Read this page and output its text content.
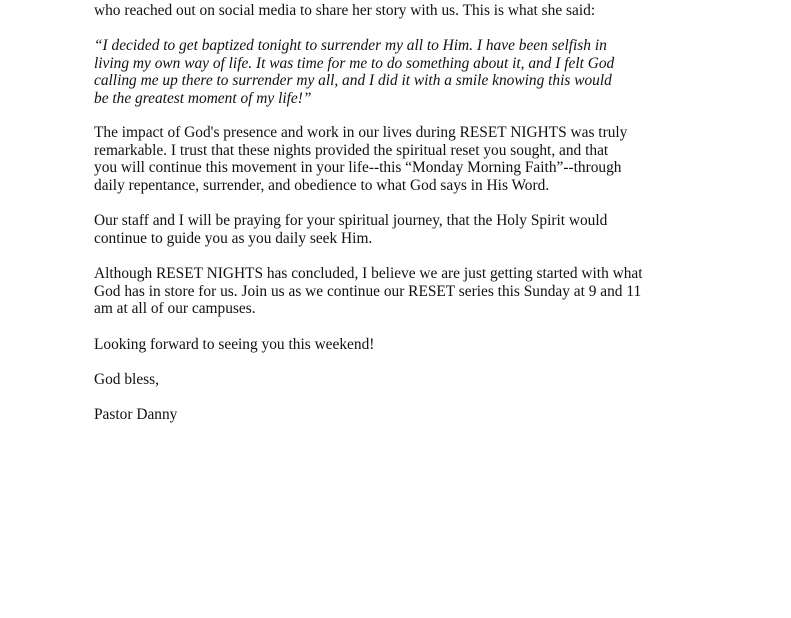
who reached out on social media to share her story with us. This is what she said:
“I decided to get baptized tonight to surrender my all to Him. I have been selfish in
living my own way of life. It was time for me to do something about it, and I felt God
calling me up there to surrender my all, and I did it with a smile knowing this would
be the greatest moment of my life!”
The impact of God's presence and work in our lives during RESET NIGHTS was truly
remarkable. I trust that these nights provided the spiritual reset you sought, and that
you will continue this movement in your life--this “Monday Morning Faith”--through
daily repentance, surrender, and obedience to what God says in His Word.
Our staff and I will be praying for your spiritual journey, that the Holy Spirit would
continue to guide you as you daily seek Him.
Although RESET NIGHTS has concluded, I believe we are just getting started with what
God has in store for us. Join us as we continue our RESET series this Sunday at 9 and 11
am at all of our campuses.
Looking forward to seeing you this weekend!
God bless,
Pastor Danny
